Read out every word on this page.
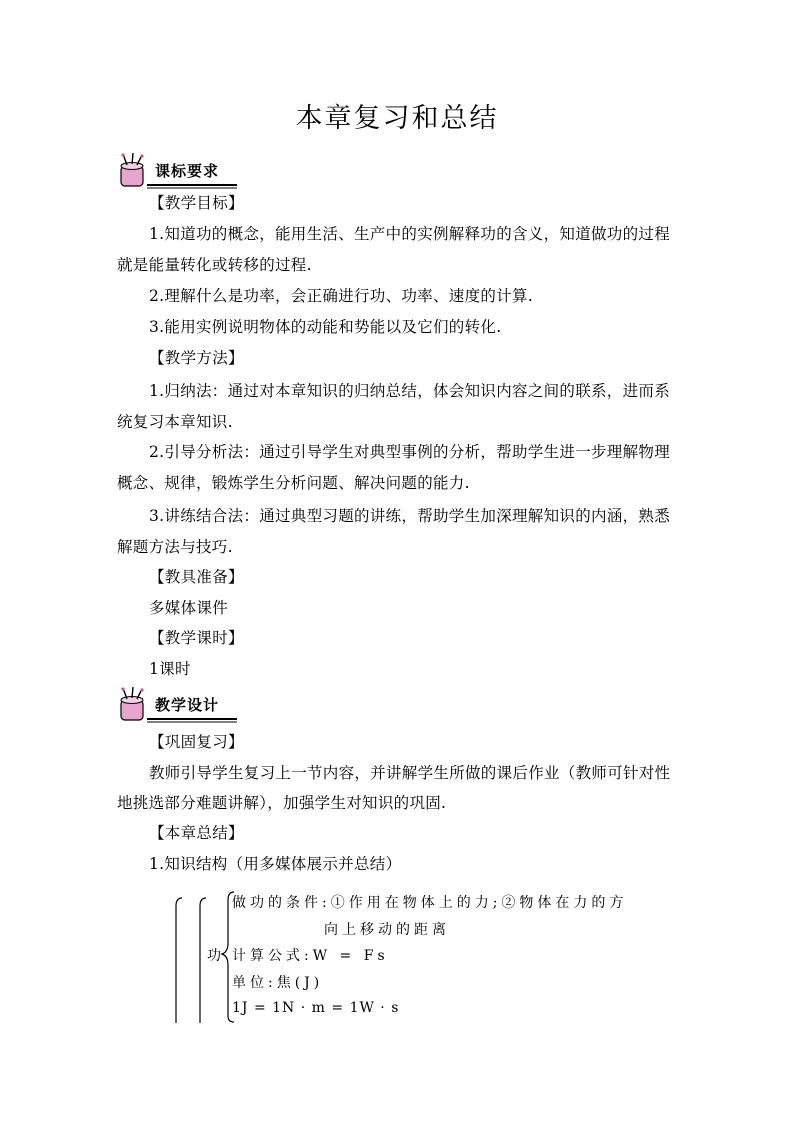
本章复习和总结
课标要求
【教学目标】
1.知道功的概念，能用生活、生产中的实例解释功的含义，知道做功的过程
就是能量转化或转移的过程.
2.理解什么是功率，会正确进行功、功率、速度的计算.
3.能用实例说明物体的动能和势能以及它们的转化.
【教学方法】
1.归纳法：通过对本章知识的归纳总结，体会知识内容之间的联系，进而系
统复习本章知识.
2.引导分析法：通过引导学生对典型事例的分析，帮助学生进一步理解物理
概念、规律，锻炼学生分析问题、解决问题的能力.
3.讲练结合法：通过典型习题的讲练，帮助学生加深理解知识的内涵，熟悉
解题方法与技巧.
【教具准备】
多媒体课件
【教学课时】
1课时
教学设计
【巩固复习】
教师引导学生复习上一节内容，并讲解学生所做的课后作业（教师可针对性
地挑选部分难题讲解），加强学生对知识的巩固.
【本章总结】
1.知识结构（用多媒体展示并总结）
功
做功的条件:①作用在物体上的力;②物体在力的方
向上移动的距离
计算公式:W = Fs
单位:焦(J)
1J = 1N · m = 1W · s
